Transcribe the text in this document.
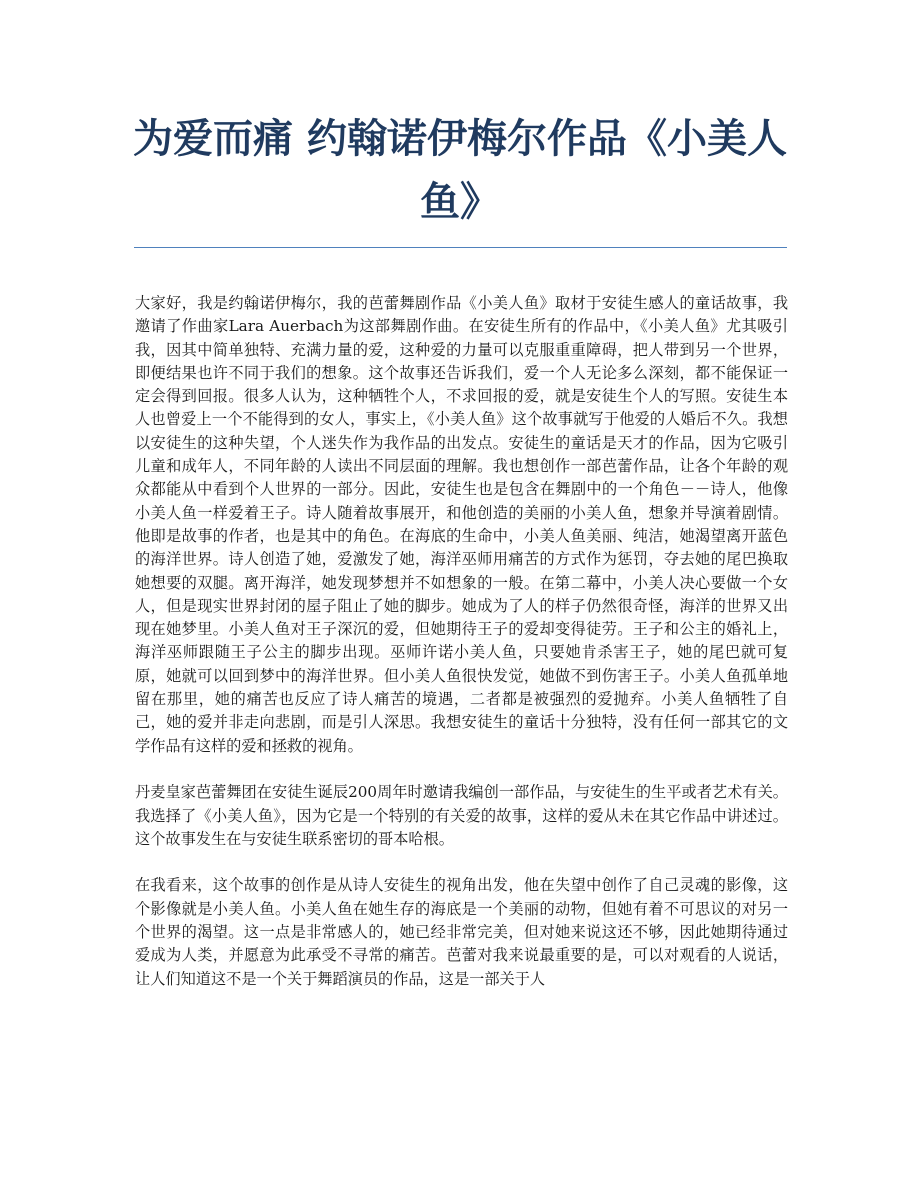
为爱而痛 约翰诺伊梅尔作品《小美人鱼》

大家好，我是约翰诺伊梅尔，我的芭蕾舞剧作品《小美人鱼》取材于安徒生感人的童话故事，我邀请了作曲家Lara Auerbach为这部舞剧作曲。在安徒生所有的作品中，《小美人鱼》尤其吸引我，因其中简单独特、充满力量的爱，这种爱的力量可以克服重重障碍，把人带到另一个世界，即便结果也许不同于我们的想象。这个故事还告诉我们，爱一个人无论多么深刻，都不能保证一定会得到回报。很多人认为，这种牺牲个人，不求回报的爱，就是安徒生个人的写照。安徒生本人也曾爱上一个不能得到的女人，事实上，《小美人鱼》这个故事就写于他爱的人婚后不久。我想以安徒生的这种失望，个人迷失作为我作品的出发点。安徒生的童话是天才的作品，因为它吸引儿童和成年人，不同年龄的人读出不同层面的理解。我也想创作一部芭蕾作品，让各个年龄的观众都能从中看到个人世界的一部分。因此，安徒生也是包含在舞剧中的一个角色－－诗人，他像小美人鱼一样爱着王子。诗人随着故事展开，和他创造的美丽的小美人鱼，想象并导演着剧情。他即是故事的作者，也是其中的角色。在海底的生命中，小美人鱼美丽、纯洁，她渴望离开蓝色的海洋世界。诗人创造了她，爱激发了她，海洋巫师用痛苦的方式作为惩罚，夺去她的尾巴换取她想要的双腿。离开海洋，她发现梦想并不如想象的一般。在第二幕中，小美人决心要做一个女人，但是现实世界封闭的屋子阻止了她的脚步。她成为了人的样子仍然很奇怪，海洋的世界又出现在她梦里。小美人鱼对王子深沉的爱，但她期待王子的爱却变得徒劳。王子和公主的婚礼上，海洋巫师跟随王子公主的脚步出现。巫师许诺小美人鱼，只要她肯杀害王子，她的尾巴就可复原，她就可以回到梦中的海洋世界。但小美人鱼很快发觉，她做不到伤害王子。小美人鱼孤单地留在那里，她的痛苦也反应了诗人痛苦的境遇，二者都是被强烈的爱抛弃。小美人鱼牺牲了自己，她的爱并非走向悲剧，而是引人深思。我想安徒生的童话十分独特，没有任何一部其它的文学作品有这样的爱和拯救的视角。

丹麦皇家芭蕾舞团在安徒生诞辰200周年时邀请我编创一部作品，与安徒生的生平或者艺术有关。我选择了《小美人鱼》，因为它是一个特别的有关爱的故事，这样的爱从未在其它作品中讲述过。这个故事发生在与安徒生联系密切的哥本哈根。

在我看来，这个故事的创作是从诗人安徒生的视角出发，他在失望中创作了自己灵魂的影像，这个影像就是小美人鱼。小美人鱼在她生存的海底是一个美丽的动物，但她有着不可思议的对另一个世界的渴望。这一点是非常感人的，她已经非常完美，但对她来说这还不够，因此她期待通过爱成为人类，并愿意为此承受不寻常的痛苦。芭蕾对我来说最重要的是，可以对观看的人说话，让人们知道这不是一个关于舞蹈演员的作品，这是一部关于人
